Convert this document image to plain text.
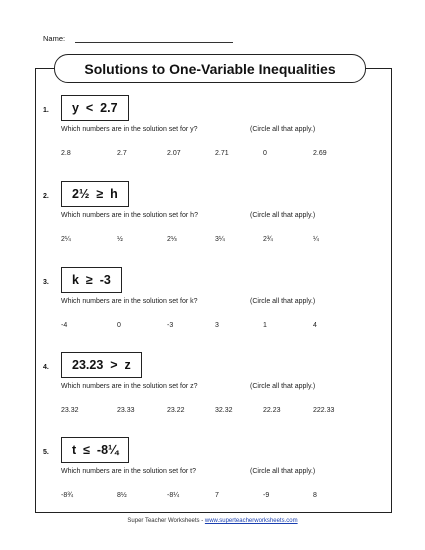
Name:
Solutions to One-Variable Inequalities
1.	y  <  2.7
Which numbers are in the solution set for y?	(Circle all that apply.)
2.8	2.7	2.07	2.71	0	2.69
2.	2½  ≥  h
Which numbers are in the solution set for h?	(Circle all that apply.)
2¼	½	2⅓	3¼	2¾	¼
3.	k  ≥  -3
Which numbers are in the solution set for k?	(Circle all that apply.)
-4	0	-3	3	1	4
4.	23.23  >  z
Which numbers are in the solution set for z?	(Circle all that apply.)
23.32	23.33	23.22	32.32	22.23	222.33
5.	t  ≤  -8¼
Which numbers are in the solution set for t?	(Circle all that apply.)
-8¾	8½	-8¼	7	-9	8
Super Teacher Worksheets - www.superteacherworksheets.com
